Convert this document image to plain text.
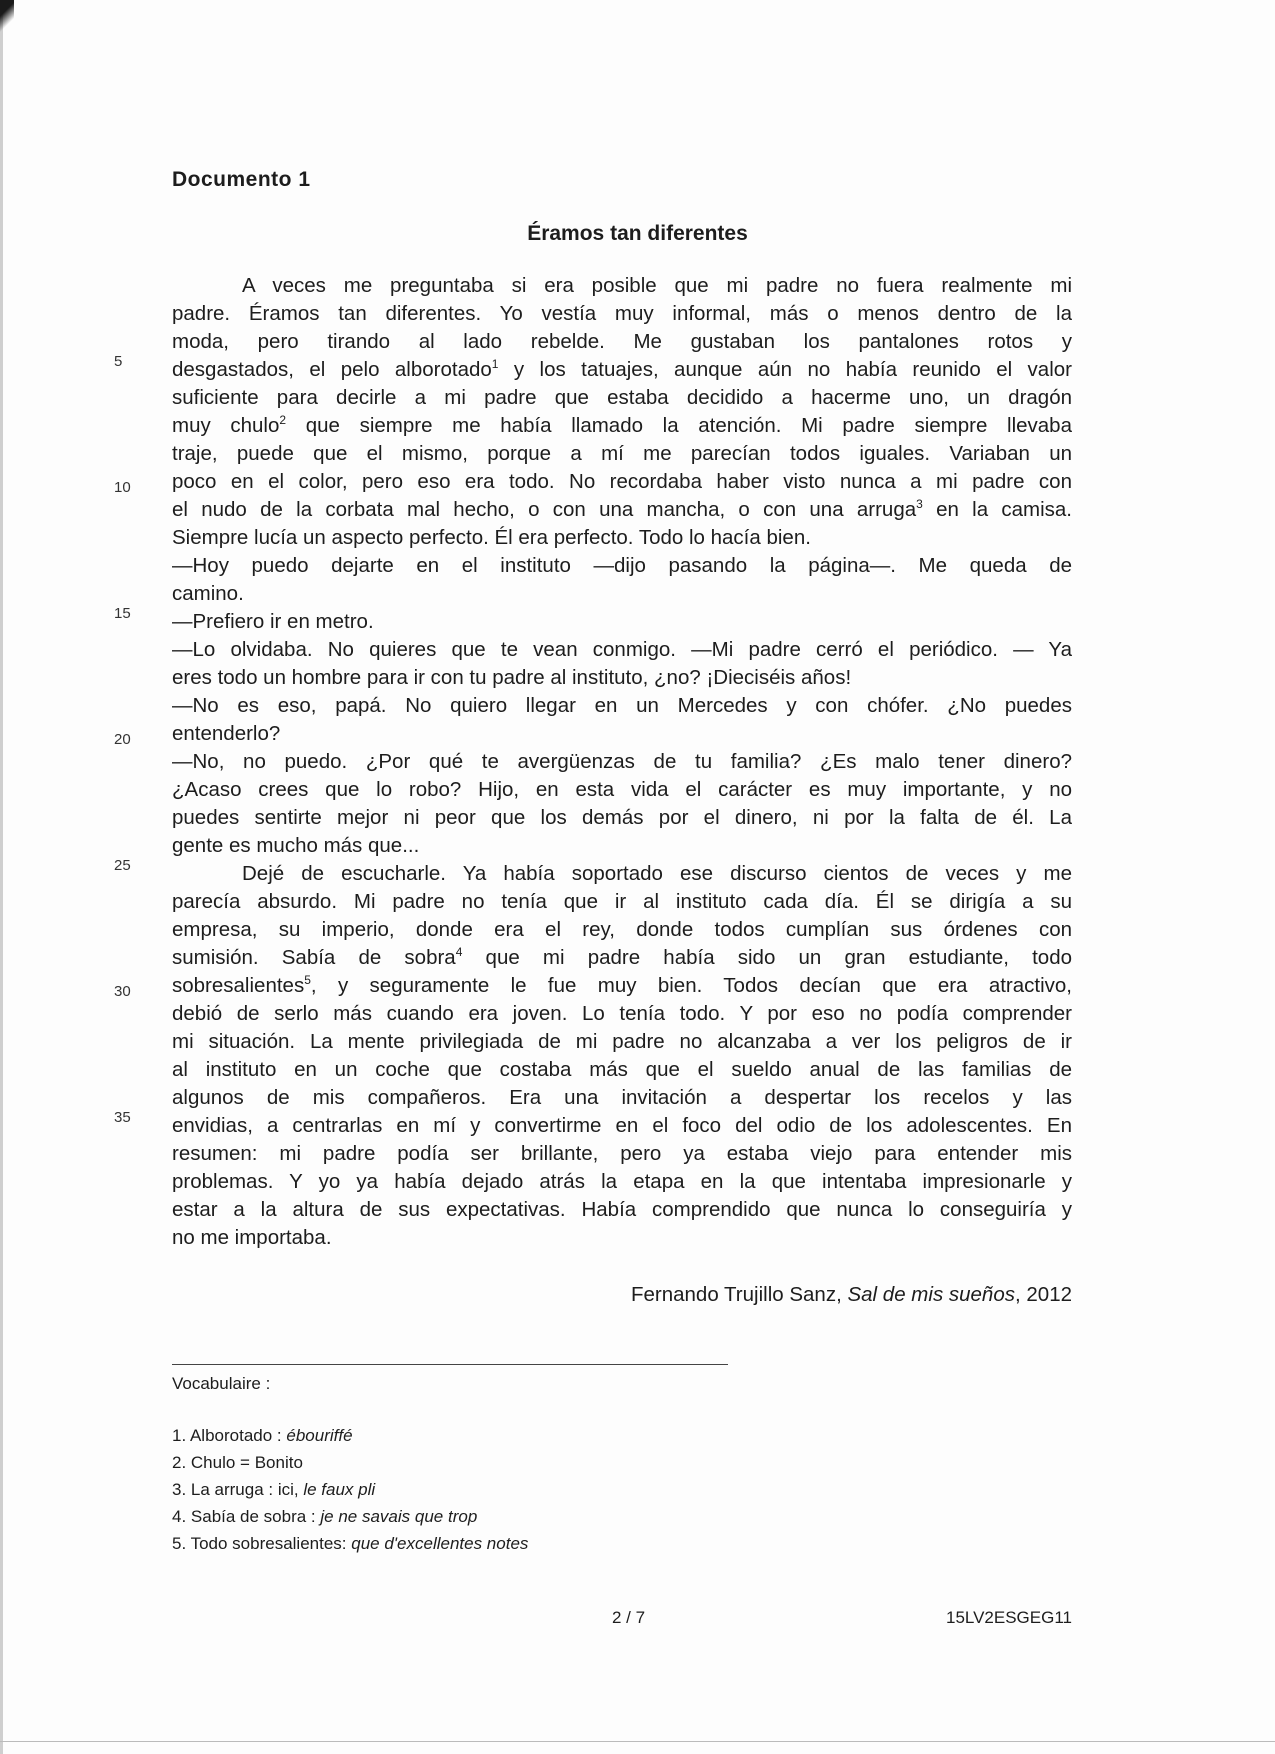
Documento 1
Éramos tan diferentes
5
10
15
20
25
30
35
A veces me preguntaba si era posible que mi padre no fuera realmente mi
padre. Éramos tan diferentes. Yo vestía muy informal, más o menos dentro de la
moda, pero tirando al lado rebelde. Me gustaban los pantalones rotos y
desgastados, el pelo alborotado$^1$ y los tatuajes, aunque aún no había reunido el valor
suficiente para decirle a mi padre que estaba decidido a hacerme uno, un dragón
muy chulo$^2$ que siempre me había llamado la atención. Mi padre siempre llevaba
traje, puede que el mismo, porque a mí me parecían todos iguales. Variaban un
poco en el color, pero eso era todo. No recordaba haber visto nunca a mi padre con
el nudo de la corbata mal hecho, o con una mancha, o con una arruga$^3$ en la camisa.
Siempre lucía un aspecto perfecto. Él era perfecto. Todo lo hacía bien.
—Hoy puedo dejarte en el instituto —dijo pasando la página—. Me queda de
camino.
—Prefiero ir en metro.
—Lo olvidaba. No quieres que te vean conmigo. —Mi padre cerró el periódico. — Ya
eres todo un hombre para ir con tu padre al instituto, ¿no? ¡Dieciséis años!
—No es eso, papá. No quiero llegar en un Mercedes y con chófer. ¿No puedes
entenderlo?
—No, no puedo. ¿Por qué te avergüenzas de tu familia? ¿Es malo tener dinero?
¿Acaso crees que lo robo? Hijo, en esta vida el carácter es muy importante, y no
puedes sentirte mejor ni peor que los demás por el dinero, ni por la falta de él. La
gente es mucho más que...
Dejé de escucharle. Ya había soportado ese discurso cientos de veces y me
parecía absurdo. Mi padre no tenía que ir al instituto cada día. Él se dirigía a su
empresa, su imperio, donde era el rey, donde todos cumplían sus órdenes con
sumisión. Sabía de sobra$^4$ que mi padre había sido un gran estudiante, todo
sobresalientes$^5$, y seguramente le fue muy bien. Todos decían que era atractivo,
debió de serlo más cuando era joven. Lo tenía todo. Y por eso no podía comprender
mi situación. La mente privilegiada de mi padre no alcanzaba a ver los peligros de ir
al instituto en un coche que costaba más que el sueldo anual de las familias de
algunos de mis compañeros. Era una invitación a despertar los recelos y las
envidias, a centrarlas en mí y convertirme en el foco del odio de los adolescentes. En
resumen: mi padre podía ser brillante, pero ya estaba viejo para entender mis
problemas. Y yo ya había dejado atrás la etapa en la que intentaba impresionarle y
estar a la altura de sus expectativas. Había comprendido que nunca lo conseguiría y
no me importaba.
Fernando Trujillo Sanz, Sal de mis sueños, 2012
Vocabulaire :
1. Alborotado : ébouriffé
2. Chulo = Bonito
3. La arruga : ici, le faux pli
4. Sabía de sobra : je ne savais que trop
5. Todo sobresalientes: que d'excellentes notes
2 / 7	15LV2ESGEG11
